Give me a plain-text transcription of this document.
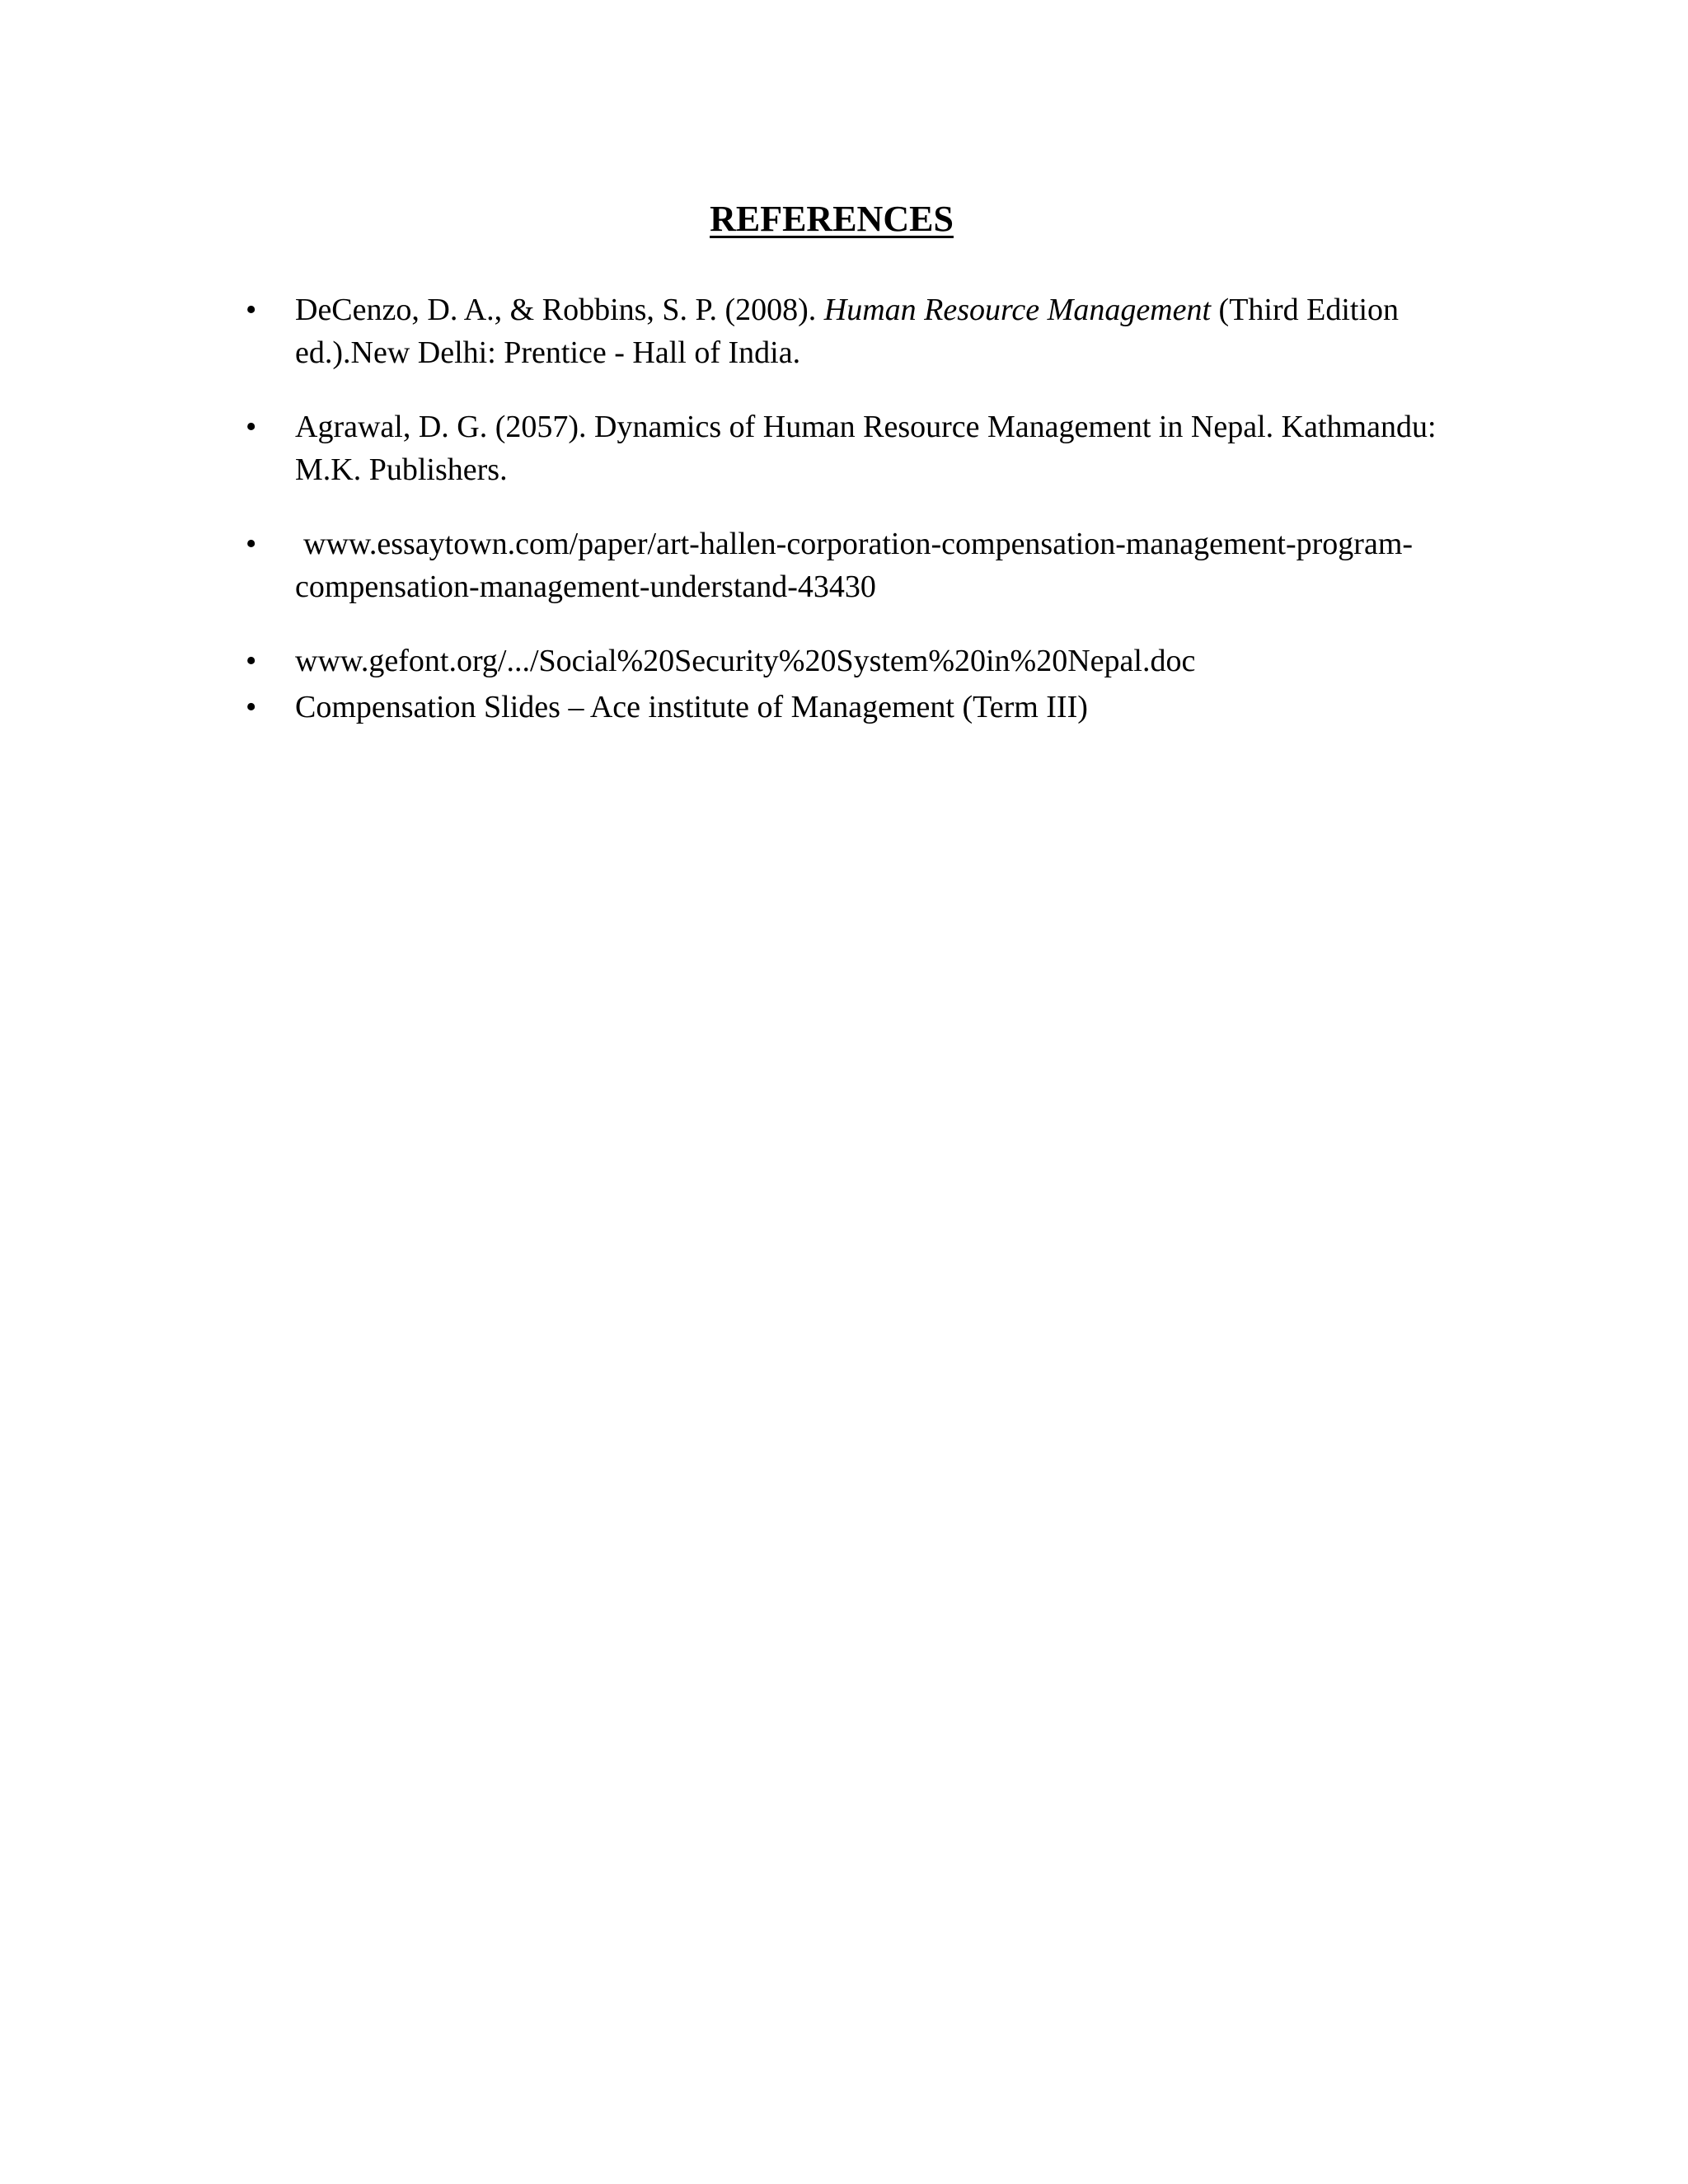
REFERENCES
• DeCenzo, D. A., & Robbins, S. P. (2008). Human Resource Management (Third Edition ed.).New Delhi: Prentice - Hall of India.
• Agrawal, D. G. (2057). Dynamics of Human Resource Management in Nepal. Kathmandu: M.K. Publishers.
• www.essaytown.com/paper/art-hallen-corporation-compensation-management-program-compensation-management-understand-43430
• www.gefont.org/.../Social%20Security%20System%20in%20Nepal.doc
• Compensation Slides – Ace institute of Management (Term III)
